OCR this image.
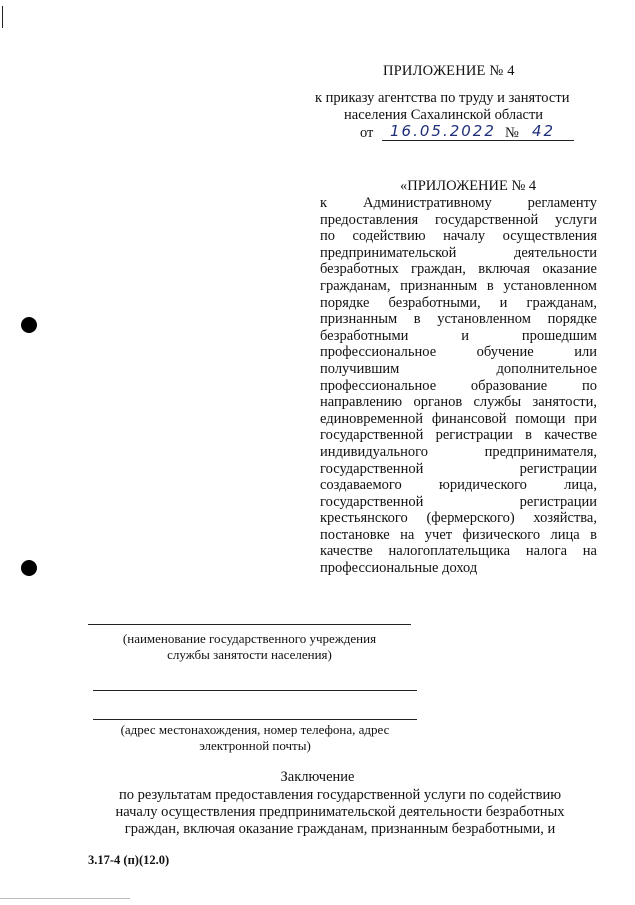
ПРИЛОЖЕНИЕ № 4
к приказу агентства по труду и занятости
населения Сахалинской области
от 16.05.2022 № 42
«ПРИЛОЖЕНИЕ № 4
к Административному регламенту
предоставления государственной услуги
по содействию началу осуществления
предпринимательской деятельности
безработных граждан, включая оказание
гражданам, признанным в установленном
порядке безработными, и гражданам,
признанным в установленном порядке
безработными и прошедшим
профессиональное обучение или
получившим дополнительное
профессиональное образование по
направлению органов службы занятости,
единовременной финансовой помощи при
государственной регистрации в качестве
индивидуального предпринимателя,
государственной регистрации
создаваемого юридического лица,
государственной регистрации
крестьянского (фермерского) хозяйства,
постановке на учет физического лица в
качестве налогоплательщика налога на
профессиональные доход
(наименование государственного учреждения
службы занятости населения)
(адрес местонахождения, номер телефона, адрес
электронной почты)
Заключение
по результатам предоставления государственной услуги по содействию
началу осуществления предпринимательской деятельности безработных
граждан, включая оказание гражданам, признанным безработными, и
3.17-4 (п)(12.0)
